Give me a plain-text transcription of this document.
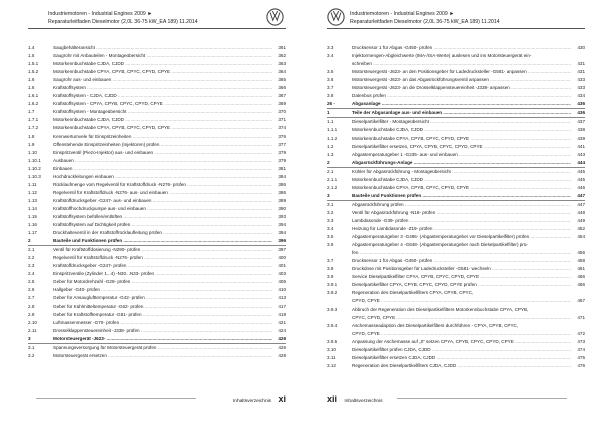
Industriemotoren - Industrial Engines 2009 ►
Reparaturleitfaden Dieselmotor (2,0L 36-75 kW_EA 189) 11.2014
1.4	Saugbehälteransicht .....	361
1.5	Saugrohr mit Anbauteilen - Montageübersicht .....	362
1.5.1	Motorkennbuchstabe CJDA, CJDD .....	363
1.5.2	Motorkennbuchstabe CPYA, CPYB, CPYC, CPYD, CPYE .....	364
1.6	Saugrohr aus- und einbauen .....	365
1.6	Kraftstoffsystem .....	366
1.6.1	Kraftstoffsystem - CJDA, CJDD .....	367
1.6.2	Kraftstoffsystem - CPYA, CPYB, CPYC, CPYD, CPYE .....	369
1.7	Kraftstoffsystem - Montageübersicht .....	370
1.7.1	Motorkennbuchstabe CJDA, CJDD .....	371
1.7.2	Motorkennbuchstabe CPYA, CPYB, CPYC, CPYD, CPYE .....	374
1.8	Kennwertumvele für Einspritzeinheiten .....	376
1.9	Offenstehende Einspritzeinheiten (Injektoren) prüfen .....	377
1.10	Einspritzventil (Piezo-Injektor) aus- und einbauen .....	379
1.10.1	Ausbauen .....	379
1.10.2	Einbauen .....	381
1.10.3	Hochdruckleitungen einbauen .....	384
1.11	Rücklaufmenge vom Regelventil für Kraftstoffdruck -N276- prüfen .....	386
1.12	Regelventil für Kraftstoffdruck -N276- aus- und einbauen .....	386
1.13	Kraftstoffdrucksgeber -G247- aus- und einbauen .....	389
1.14	Kraftstoffhochdruckpumpe aus- und einbauen .....	390
1.15	Kraftstoffsystem befüllen/entlüften .....	393
1.16	Kraftstoffsystem auf Dichtigkeit prüfen .....	394
1.17	Druckhalteventil in der Kraftstoffrücklaufleitung prüfen .....	394
2	Bauteile und Funktionen prüfen .....	396
2.1	Ventil für Kraftstoffdosierung -N290- prüfen .....	397
2.2	Regelventil für Kraftstoffdruck -N276- prüfen .....	400
2.3	Kraftstoffdrucksgeber -G247- prüfen .....	401
2.4	Einspritzventile (Zylinder 1...4) -N30...N33- prüfen .....	403
2.5	Geber für Motordrehzahl -G28- prüfen .....	406
2.6	Hallgeber -G40- prüfen .....	410
2.7	Geber für Ansauglufttemperatur -G42- prüfen .....	413
2.8	Geber für Kühlmitteltemperatur -G62- prüfen .....	417
2.9	Geber für Kraftstofftemperatur -G81- prüfen .....	419
2.10	Luftmassenmesser -G70- prüfen .....	421
2.11	Drosselklappensteuereinheit -J338- prüfen .....	424
3	Motorsteuergerät -J623- .....	426
3.1	Spannungsversorgung für Motorsteuergerät prüfen .....	426
3.2	Motorsteuergerät ersetzen .....	428
Inhaltsverzeichnis xi
Industriemotoren - Industrial Engines 2009 ►
Reparaturleitfaden Dieselmotor (2,0L 36-75 kW_EA 189) 11.2014
3.3	Drucksensor 1 für Abgas -G450- prüfen .....	430
3.4	Injektormengen-Abgleichwerte (IMA-/ISA-Werte) auslesen und ins Motorsteuergerät ein-
schreiben .....	431
3.5	Motorsteuergerät -J623- an den Positionsgeber für Ladedrucksteller -G581- anpassen .....	431
3.6	Motorsteuergerät -J623- an das Abgasrückführungsventil anpassen .....	433
3.7	Motorsteuergerät -J623- an die Drosselklappensteuereinheit -J338- anpassen .....	433
3.8	Datenbus prüfen .....	434
26 -	Abgasanlage .....	436
1	Teile der Abgasanlage aus- und einbauen .....	436
1.1	Dieselpartikelfilter - Montageübersicht .....	437
1.1.1	Motorkennbuchstabe CJDA, CJDD .....	438
1.1.2	Motorkennbuchstabe CPYA, CPYB, CPYC, CPYD, CPYE .....	439
1.2	Dieselpartikelfilter ersetzen, CPYA, CPYB, CPYC, CPYD, CPYE .....	441
1.3	Abgastemperaturgeber 1 -G235- aus- und einbauen .....	443
2	Abgasrückführungs-Anlage .....	444
2.1	Kühler für Abgasrückführung - Montageübersicht .....	445
2.1.1	Motorkennbuchstabe CJDA, CJDD .....	445
2.1.2	Motorkennbuchstabe CPYA, CPYB, CPYC, CPYD, CPYE .....	446
3	Bauteile und Funktionen prüfen .....	447
3.1	Abgasrückführung prüfen .....	447
3.2	Ventil für Abgasrückführung -N18- prüfen .....	448
3.3	Lambdasonde -G39- prüfen .....	449
3.4	Heizung für Lambdasonde -Z19- prüfen .....	452
3.5	Abgastemperaturgeber 3 -G495- (Abgastemperaturgeber vor Dieselpartikelfilter) prüfen .....	454
3.6	Abgastemperaturgeber 4 -G648- (Abgastemperaturgeber nach Dieselpartikelfilter) prü-
fen .....	456
3.7	Drucksensor 1 für Abgas -G450- prüfen .....	458
3.8	Druckdose mit Positionsgeber für Ladedrucksteller -G581- wechseln .....	461
3.9	Service Dieselpartikelfilter CPYA, CPYB, CPYC, CPYD, CPYE .....	466
3.9.1	Dieselpartikelfilter CPYA, CPYB, CPYC, CPYD, CPYE prüfen .....	466
3.9.2	Regeneration des Dieselpartikelfilters CPYA, CPYB, CPYC,
CPYD, CPYE .....	467
3.9.3	Abbruch der Regeneration des Dieselpartikelfilters Motorkennbuchstabe CPYA, CPYB,
CPYC, CPYD, CPYE .....	471
3.9.4	Aschemasseadaption des Dieselpartikelfilters durchführen - CPYA, CPYB, CPYC,
CPYD, CPYE .....	472
3.9.5	Anpassung der Aschemasse auf „0“ setzen CPYA, CPYB, CPYC, CPYD, CPYE .....	473
3.10	Dieselpartikelfilter prüfen CJDA, CJDD .....	474
3.11	Dieselpartikelfilter ersetzen CJDA, CJDD .....	475
3.12	Regeneration des Dieselpartikelfilters CJDA, CJDD .....	476
xii Inhaltsverzeichnis
